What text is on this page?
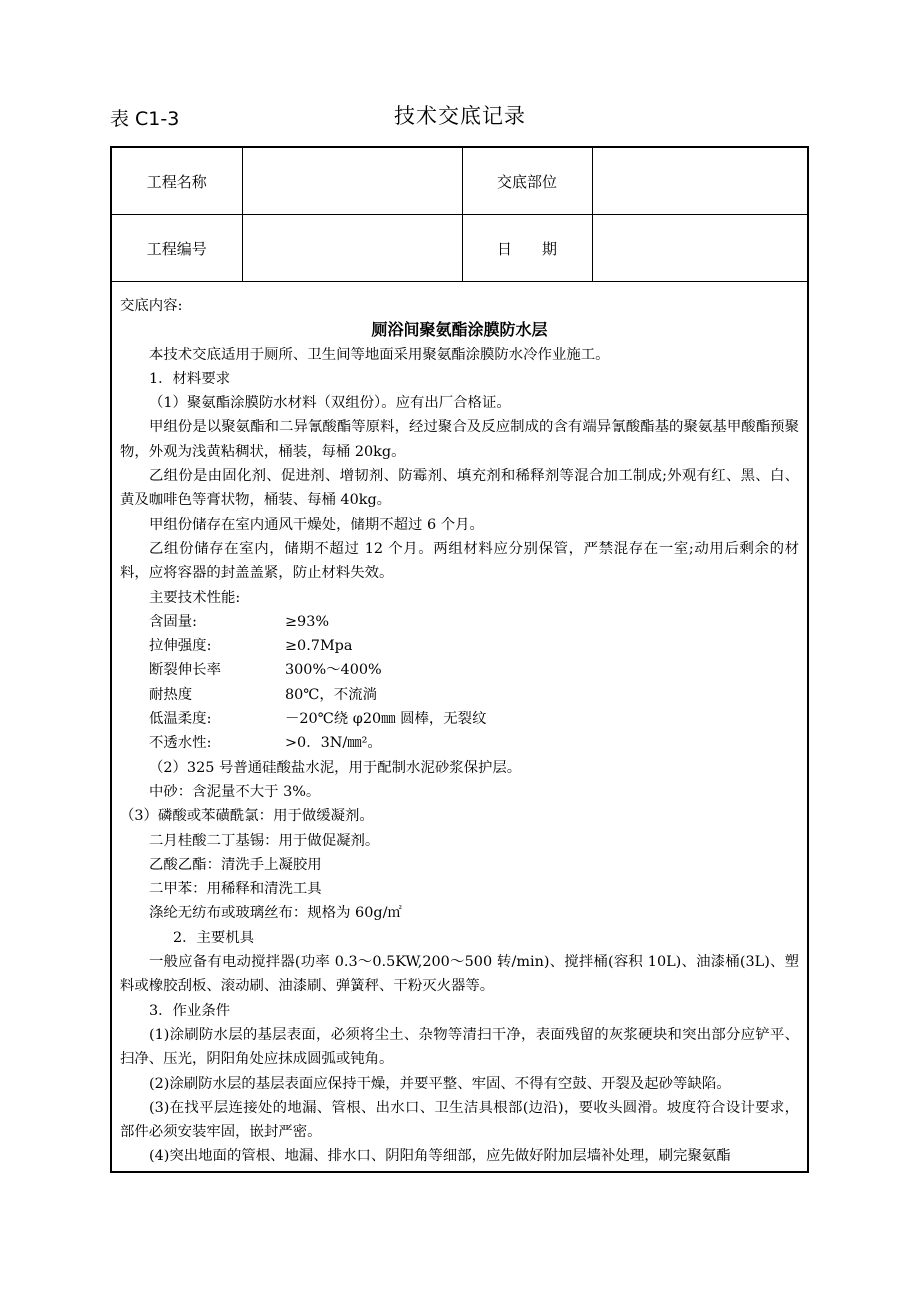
表 C1-3	技术交底记录
工程名称		交底部位	
工程编号		日　　期	

交底内容:

厕浴间聚氨酯涂膜防水层

本技术交底适用于厕所、卫生间等地面采用聚氨酯涂膜防水冷作业施工。

1．材料要求

（1）聚氨酯涂膜防水材料（双组份）。应有出厂合格证。

甲组份是以聚氨酯和二异氰酸酯等原料，经过聚合及反应制成的含有端异氰酸酯基的聚氨基甲酸酯预聚物，外观为浅黄粘稠状，桶装，每桶 20kg。

乙组份是由固化剂、促进剂、增韧剂、防霉剂、填充剂和稀释剂等混合加工制成;外观有红、黑、白、黄及咖啡色等膏状物，桶装、每桶 40kg。

甲组份储存在室内通风干燥处，储期不超过 6 个月。

乙组份储存在室内，储期不超过 12 个月。两组材料应分别保管，严禁混存在一室;动用后剩余的材料，应将容器的封盖盖紧，防止材料失效。

主要技术性能:

含固量:	≥93%

拉伸强度:	≥0.7Mpa

断裂伸长率	300%～400%

耐热度	80℃，不流淌

低温柔度:	－20℃绕 φ20㎜ 圆棒，无裂纹

不透水性:	>0．3N/㎜²。

（2）325 号普通硅酸盐水泥，用于配制水泥砂浆保护层。

中砂：含泥量不大于 3%。

（3）磷酸或苯磺酰氯：用于做缓凝剂。

二月桂酸二丁基锡：用于做促凝剂。

乙酸乙酯：清洗手上凝胶用

二甲苯：用稀释和清洗工具

涤纶无纺布或玻璃丝布：规格为 60g/㎡

2．主要机具

一般应备有电动搅拌器(功率 0.3～0.5KW,200～500 转/min)、搅拌桶(容积 10L)、油漆桶(3L)、塑料或橡胶刮板、滚动刷、油漆刷、弹簧秤、干粉灭火器等。

3．作业条件

(1)涂刷防水层的基层表面，必须将尘土、杂物等清扫干净，表面残留的灰浆硬块和突出部分应铲平、扫净、压光，阴阳角处应抹成圆弧或钝角。

(2)涂刷防水层的基层表面应保持干燥，并要平整、牢固、不得有空鼓、开裂及起砂等缺陷。

(3)在找平层连接处的地漏、管根、出水口、卫生洁具根部(边沿)，要收头圆滑。坡度符合设计要求，部件必须安装牢固，嵌封严密。

(4)突出地面的管根、地漏、排水口、阴阳角等细部，应先做好附加层墙补处理，刷完聚氨酯
